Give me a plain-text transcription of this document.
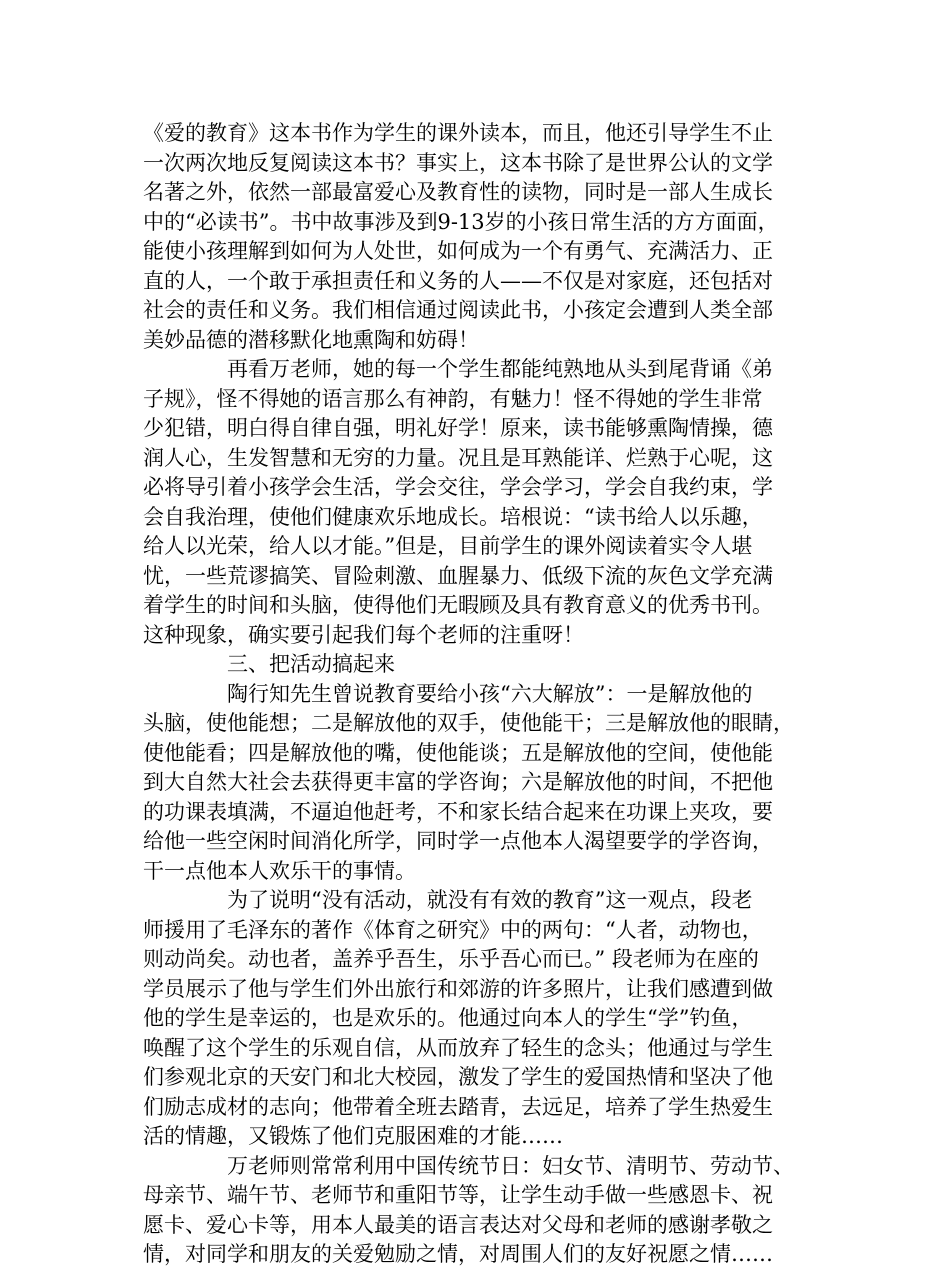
《爱的教育》这本书作为学生的课外读本，而且，他还引导学生不止
一次两次地反复阅读这本书？事实上，这本书除了是世界公认的文学
名著之外，依然一部最富爱心及教育性的读物，同时是一部人生成长
中的“必读书”。书中故事涉及到9-13岁的小孩日常生活的方方面面，
能使小孩理解到如何为人处世，如何成为一个有勇气、充满活力、正
直的人，一个敢于承担责任和义务的人——不仅是对家庭，还包括对
社会的责任和义务。我们相信通过阅读此书，小孩定会遭到人类全部
美妙品德的潜移默化地熏陶和妨碍！
再看万老师，她的每一个学生都能纯熟地从头到尾背诵《弟
子规》，怪不得她的语言那么有神韵，有魅力！怪不得她的学生非常
少犯错，明白得自律自强，明礼好学！原来，读书能够熏陶情操，德
润人心，生发智慧和无穷的力量。况且是耳熟能详、烂熟于心呢，这
必将导引着小孩学会生活，学会交往，学会学习，学会自我约束，学
会自我治理，使他们健康欢乐地成长。培根说：“读书给人以乐趣，
给人以光荣，给人以才能。”但是，目前学生的课外阅读着实令人堪
忧，一些荒谬搞笑、冒险刺激、血腥暴力、低级下流的灰色文学充满
着学生的时间和头脑，使得他们无暇顾及具有教育意义的优秀书刊。
这种现象，确实要引起我们每个老师的注重呀！
三、把活动搞起来
陶行知先生曾说教育要给小孩“六大解放”：一是解放他的
头脑，使他能想；二是解放他的双手，使他能干；三是解放他的眼睛，
使他能看；四是解放他的嘴，使他能谈；五是解放他的空间，使他能
到大自然大社会去获得更丰富的学咨询；六是解放他的时间，不把他
的功课表填满，不逼迫他赶考，不和家长结合起来在功课上夹攻，要
给他一些空闲时间消化所学，同时学一点他本人渴望要学的学咨询，
干一点他本人欢乐干的事情。
为了说明“没有活动，就没有有效的教育”这一观点，段老
师援用了毛泽东的著作《体育之研究》中的两句：“人者，动物也，
则动尚矣。动也者，盖养乎吾生，乐乎吾心而已。” 段老师为在座的
学员展示了他与学生们外出旅行和郊游的许多照片，让我们感遭到做
他的学生是幸运的，也是欢乐的。他通过向本人的学生“学”钓鱼，
唤醒了这个学生的乐观自信，从而放弃了轻生的念头；他通过与学生
们参观北京的天安门和北大校园，激发了学生的爱国热情和坚决了他
们励志成材的志向；他带着全班去踏青，去远足，培养了学生热爱生
活的情趣，又锻炼了他们克服困难的才能……
万老师则常常利用中国传统节日：妇女节、清明节、劳动节、
母亲节、端午节、老师节和重阳节等，让学生动手做一些感恩卡、祝
愿卡、爱心卡等，用本人最美的语言表达对父母和老师的感谢孝敬之
情，对同学和朋友的关爱勉励之情，对周围人们的友好祝愿之情……
